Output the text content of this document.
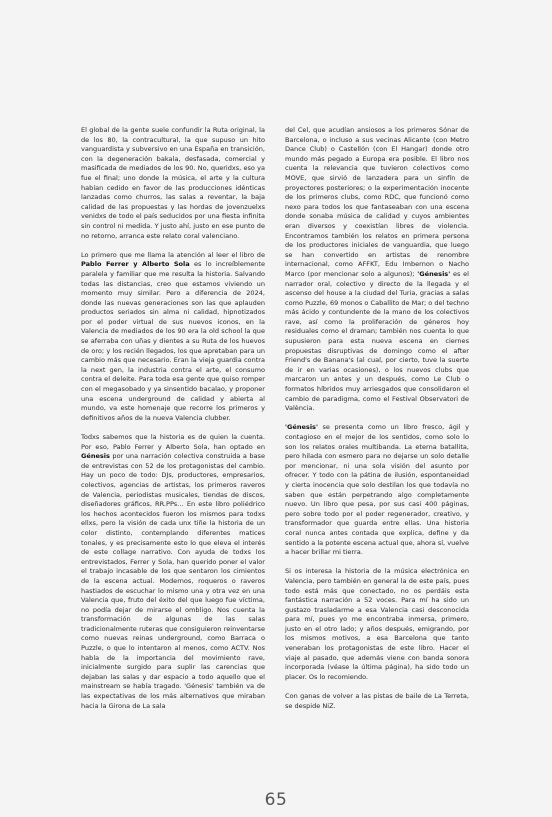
El global de la gente suele confundir la Ruta original, la de los 80, la contracultural, la que supuso un hito vanguardista y subversivo en una España en transición, con la degeneración bakala, desfasada, comercial y masificada de mediados de los 90. No, queridxs, eso ya fue el final; uno donde la música, el arte y la cultura habían cedido en favor de las producciones idénticas lanzadas como churros, las salas a reventar, la baja calidad de las propuestas y las hordas de jovenzuelxs venidxs de todo el país seducidos por una fiesta infinita sin control ni medida. Y justo ahí, justo en ese punto de no retorno, arranca este relato coral valenciano.

Lo primero que me llama la atención al leer el libro de Pablo Ferrer y Alberto Sola es lo increíblemente paralela y familiar que me resulta la historia. Salvando todas las distancias, creo que estamos viviendo un momento muy similar. Pero a diferencia de 2024, donde las nuevas generaciones son las que aplauden productos seriados sin alma ni calidad, hipnotizados por el poder virtual de sus nuevos iconos, en la Valencia de mediados de los 90 era la old school la que se aferraba con uñas y dientes a su Ruta de los huevos de oro; y los recién llegados, los que apretaban para un cambio más que necesario. Eran la vieja guardia contra la next gen, la industria contra el arte, el consumo contra el deleite. Para toda esa gente que quiso romper con el megasobado y ya sinsentido bacalao, y proponer una escena underground de calidad y abierta al mundo, va este homenaje que recorre los primeros y definitivos años de la nueva Valencia clubber.

Todxs sabemos que la historia es de quien la cuenta. Por eso, Pablo Ferrer y Alberto Sola, han optado en Génesis por una narración colectiva construida a base de entrevistas con 52 de los protagonistas del cambio. Hay un poco de todo: DJs, productores, empresarios, colectivos, agencias de artistas, los primeros raveros de Valencia, periodistas musicales, tiendas de discos, diseñadores gráficos, RR.PPs… En este libro poliédrico los hechos acontecidos fueron los mismos para todxs ellxs, pero la visión de cada unx tiñe la historia de un color distinto, contemplando diferentes matices tonales, y es precisamente esto lo que eleva el interés de este collage narrativo. Con ayuda de todxs los entrevistados, Ferrer y Sola, han querido poner el valor el trabajo incasable de los que sentaron los cimientos de la escena actual. Modernos, roqueros o raveros hastiados de escuchar lo mismo una y otra vez en una Valencia que, fruto del éxito del que luego fue víctima, no podía dejar de mirarse el ombligo. Nos cuenta la transformación de algunas de las salas tradicionalmente ruteras que consiguieron reinventarse como nuevas reinas underground, como Barraca o Puzzle, o que lo intentaron al menos, como ACTV. Nos habla de la importancia del movimiento rave, inicialmente surgido para suplir las carencias que dejaban las salas y dar espacio a todo aquello que el mainstream se había tragado. 'Génesis' también va de las expectativas de los más alternativos que miraban hacia la Girona de La sala

del Cel, que acudían ansiosos a los primeros Sónar de Barcelona, o incluso a sus vecinas Alicante (con Metro Dance Club) o Castellón (con El Hangar) donde otro mundo más pegado a Europa era posible. El libro nos cuenta la relevancia que tuvieron colectivos como MOVE, que sirvió de lanzadera para un sinfín de proyectores posteriores; o la experimentación inocente de los primeros clubs, como RDC, que funcionó como nexo para todos los que fantaseaban con una escena donde sonaba música de calidad y cuyos ambientes eran diversos y coexistían libres de violencia. Encontramos también los relatos en primera persona de los productores iniciales de vanguardia, que luego se han convertido en artistas de renombre internacional, como AFFKT, Edu Imbernon o Nacho Marco (por mencionar solo a algunos); 'Génesis' es el narrador oral, colectivo y directo de la llegada y el ascenso del house a la ciudad del Turia, gracias a salas como Puzzle, 69 monos o Caballito de Mar; o del techno más ácido y contundente de la mano de los colectivos rave, así como la proliferación de géneros hoy residuales como el draman; también nos cuenta lo que supusieron para esta nueva escena en ciernes propuestas disruptivas de domingo como el after Friend's de Banana's (al cual, por cierto, tuve la suerte de ir en varias ocasiones), o los nuevos clubs que marcaron un antes y un después, como Le Club o formatos híbridos muy arriesgados que consolidaron el cambio de paradigma, como el Festival Observatori de València.

'Génesis' se presenta como un libro fresco, ágil y contagioso en el mejor de los sentidos, como solo lo son los relatos orales multibanda. La eterna batallita, pero hilada con esmero para no dejarse un solo detalle por mencionar, ni una sola visión del asunto por ofrecer. Y todo con la pátina de ilusión, espontaneidad y cierta inocencia que solo destilan los que todavía no saben que están perpetrando algo completamente nuevo. Un libro que pesa, por sus casi 400 páginas, pero sobre todo por el poder regenerador, creativo, y transformador que guarda entre ellas. Una historia coral nunca antes contada que explica, define y da sentido a la potente escena actual que, ahora sí, vuelve a hacer brillar mi tierra.

Si os interesa la historia de la música electrónica en Valencia, pero también en general la de este país, pues todo está más que conectado, no os perdáis esta fantástica narración a 52 voces. Para mí ha sido un gustazo trasladarme a esa Valencia casi desconocida para mí, pues yo me encontraba inmersa, primero, justo en el otro lado; y años después, emigrando, por los mismos motivos, a esa Barcelona que tanto veneraban los protagonistas de este libro. Hacer el viaje al pasado, que además viene con banda sonora incorporada (véase la última página), ha sido todo un placer. Os lo recomiendo.

Con ganas de volver a las pistas de baile de La Terreta, se despide NiZ.

65
